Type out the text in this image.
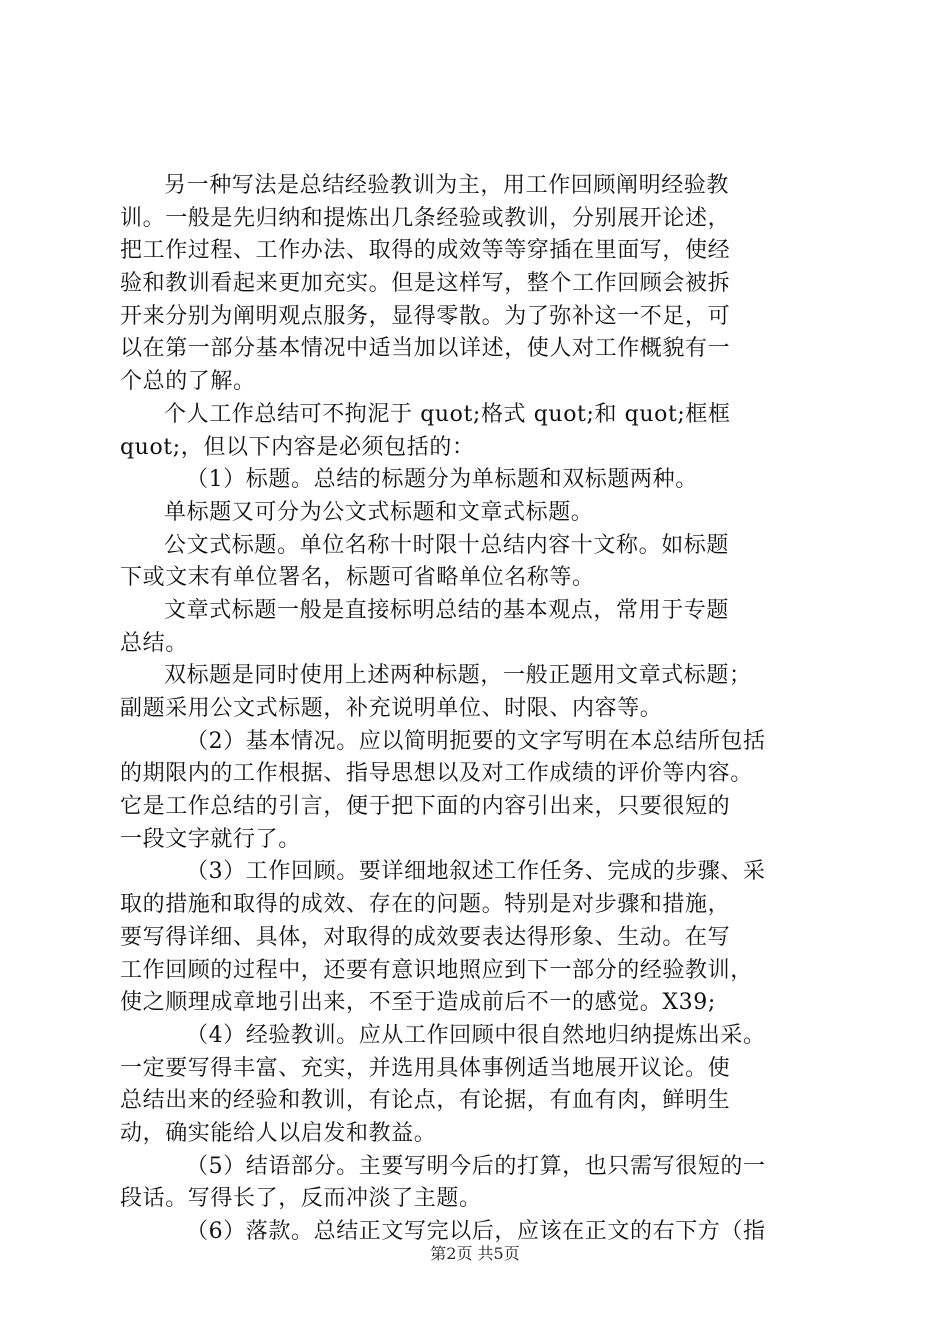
另一种写法是总结经验教训为主，用工作回顾阐明经验教
训。一般是先归纳和提炼出几条经验或教训，分别展开论述，
把工作过程、工作办法、取得的成效等等穿插在里面写，使经
验和教训看起来更加充实。但是这样写，整个工作回顾会被拆
开来分别为阐明观点服务，显得零散。为了弥补这一不足，可
以在第一部分基本情况中适当加以详述，使人对工作概貌有一
个总的了解。
个人工作总结可不拘泥于 quot;格式 quot;和 quot;框框
quot;，但以下内容是必须包括的：
（1）标题。总结的标题分为单标题和双标题两种。
单标题又可分为公文式标题和文章式标题。
公文式标题。单位名称十时限十总结内容十文称。如标题
下或文末有单位署名，标题可省略单位名称等。
文章式标题一般是直接标明总结的基本观点，常用于专题
总结。
双标题是同时使用上述两种标题，一般正题用文章式标题；
副题采用公文式标题，补充说明单位、时限、内容等。
（2）基本情况。应以简明扼要的文字写明在本总结所包括
的期限内的工作根据、指导思想以及对工作成绩的评价等内容。
它是工作总结的引言，便于把下面的内容引出来，只要很短的
一段文字就行了。
（3）工作回顾。要详细地叙述工作任务、完成的步骤、采
取的措施和取得的成效、存在的问题。特别是对步骤和措施，
要写得详细、具体，对取得的成效要表达得形象、生动。在写
工作回顾的过程中，还要有意识地照应到下一部分的经验教训，
使之顺理成章地引出来，不至于造成前后不一的感觉。X39;
（4）经验教训。应从工作回顾中很自然地归纳提炼出采。
一定要写得丰富、充实，并选用具体事例适当地展开议论。使
总结出来的经验和教训，有论点，有论据，有血有肉，鲜明生
动，确实能给人以启发和教益。
（5）结语部分。主要写明今后的打算，也只需写很短的一
段话。写得长了，反而冲淡了主题。
（6）落款。总结正文写完以后，应该在正文的右下方（指
第2页 共5页
